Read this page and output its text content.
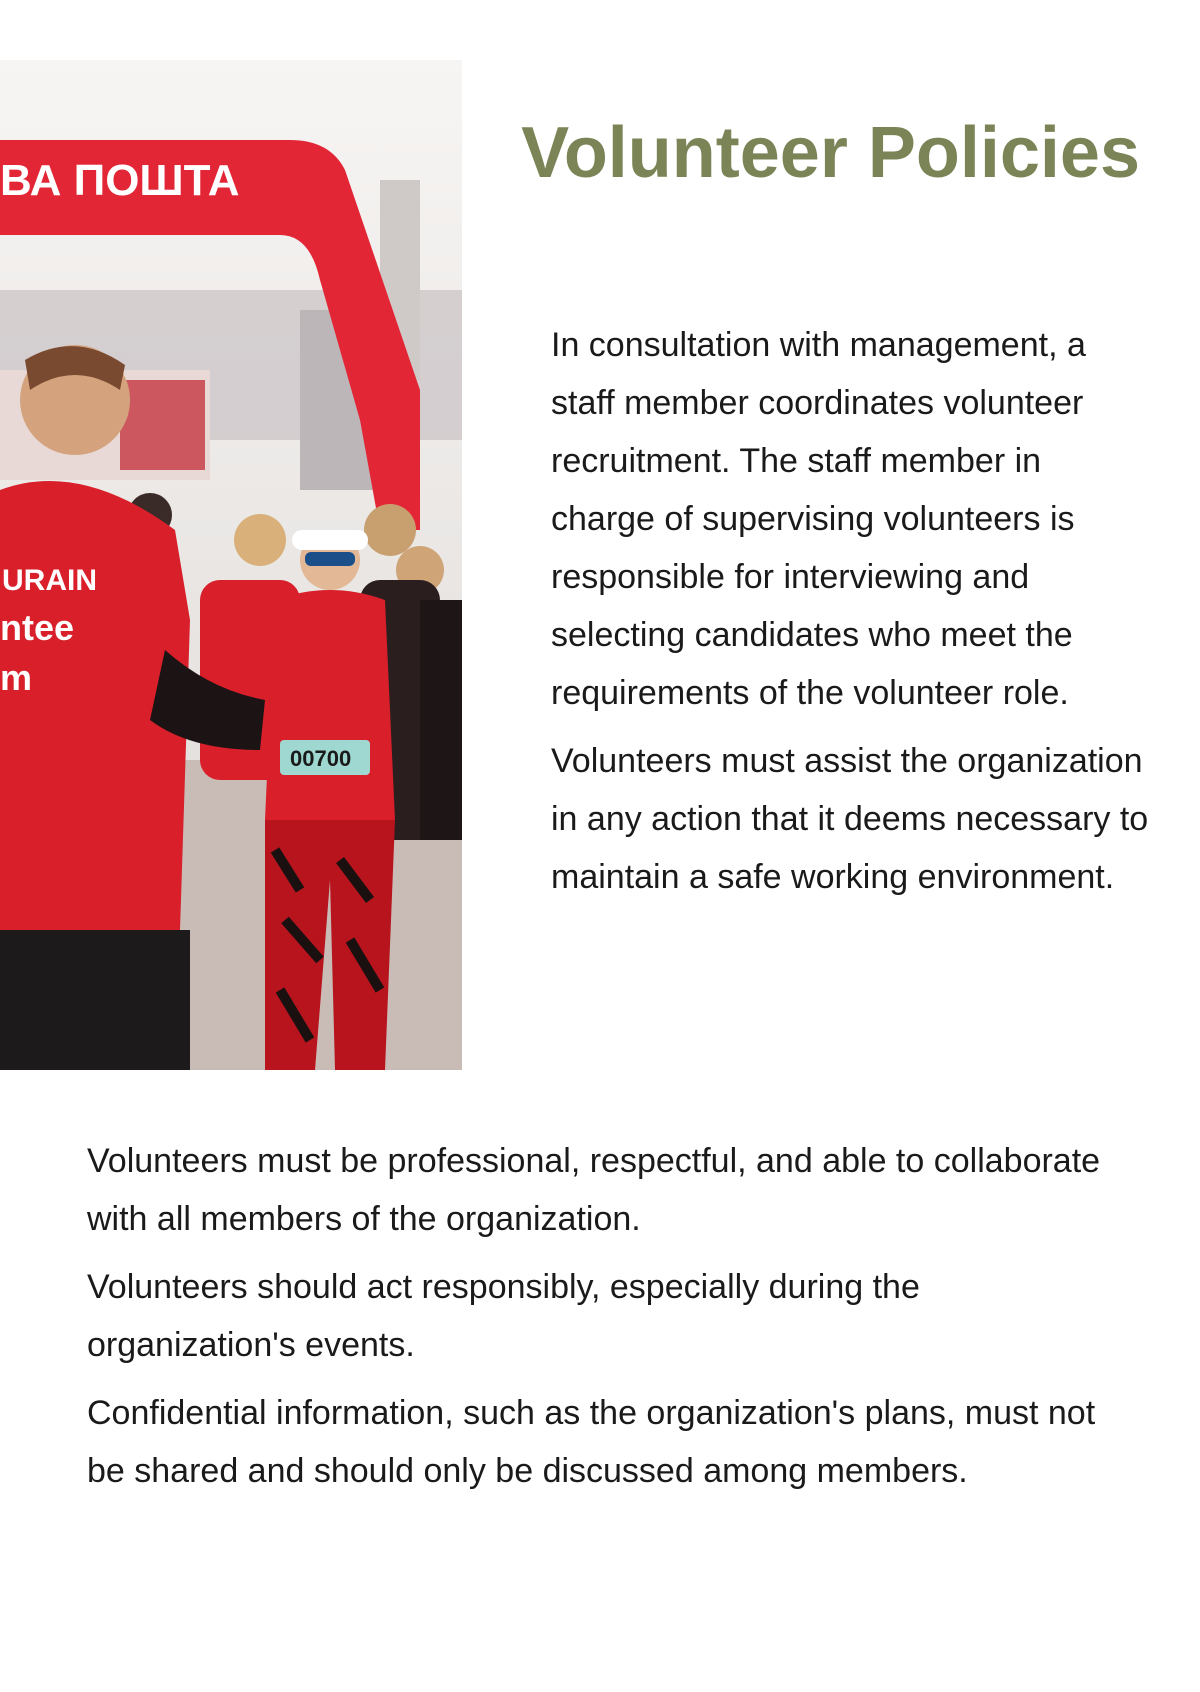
ВА ПОШТА
00700
URAIN
ntee
m
Volunteer Policies

In consultation with management, a staff member coordinates volunteer recruitment. The staff member in charge of supervising volunteers is responsible for interviewing and selecting candidates who meet the requirements of the volunteer role.

Volunteers must assist the organization in any action that it deems necessary to maintain a safe working environment.

Volunteers must be professional, respectful, and able to collaborate with all members of the organization.

Volunteers should act responsibly, especially during the organization's events.

Confidential information, such as the organization's plans, must not be shared and should only be discussed among members.
